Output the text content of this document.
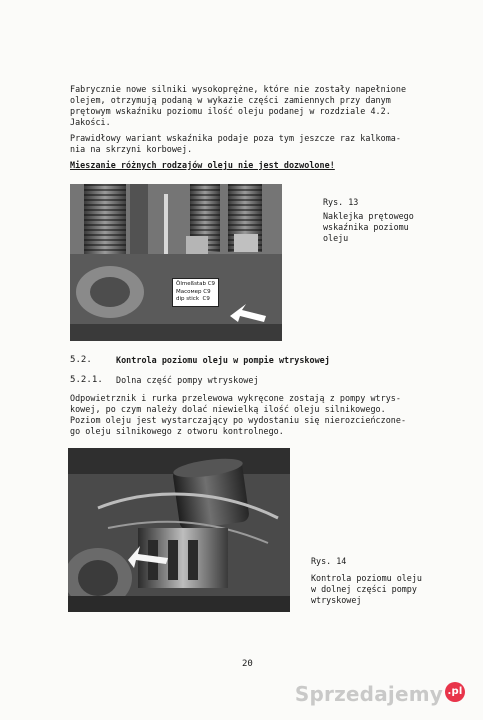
Fabrycznie nowe silniki wysokoprężne, które nie zostały napełnione
olejem, otrzymują podaną w wykazie części zamiennych przy danym
prętowym wskaźniku poziomu ilość oleju podanej w rozdziale 4.2.
Jakości.
Prawidłowy wariant wskaźnika podaje poza tym jeszcze raz kalkoma-
nia na skrzyni korbowej.
Mieszanie różnych rodzajów oleju nie jest dozwolone!
Ölmeßstab C9
Масомер C9
dip stick  C9
Rys. 13
Naklejka prętowego
wskaźnika poziomu
oleju
5.2.	Kontrola poziomu oleju w pompie wtryskowej
5.2.1. Dolna część pompy wtryskowej
Odpowietrznik i rurka przelewowa wykręcone zostają z pompy wtrys-
kowej, po czym należy dolać niewielką ilość oleju silnikowego.
Poziom oleju jest wystarczający po wydostaniu się nierozcieńczone-
go oleju silnikowego z otworu kontrolnego.
Rys. 14
Kontrola poziomu oleju
w dolnej części pompy
wtryskowej
20
Sprzedajemy .pl
